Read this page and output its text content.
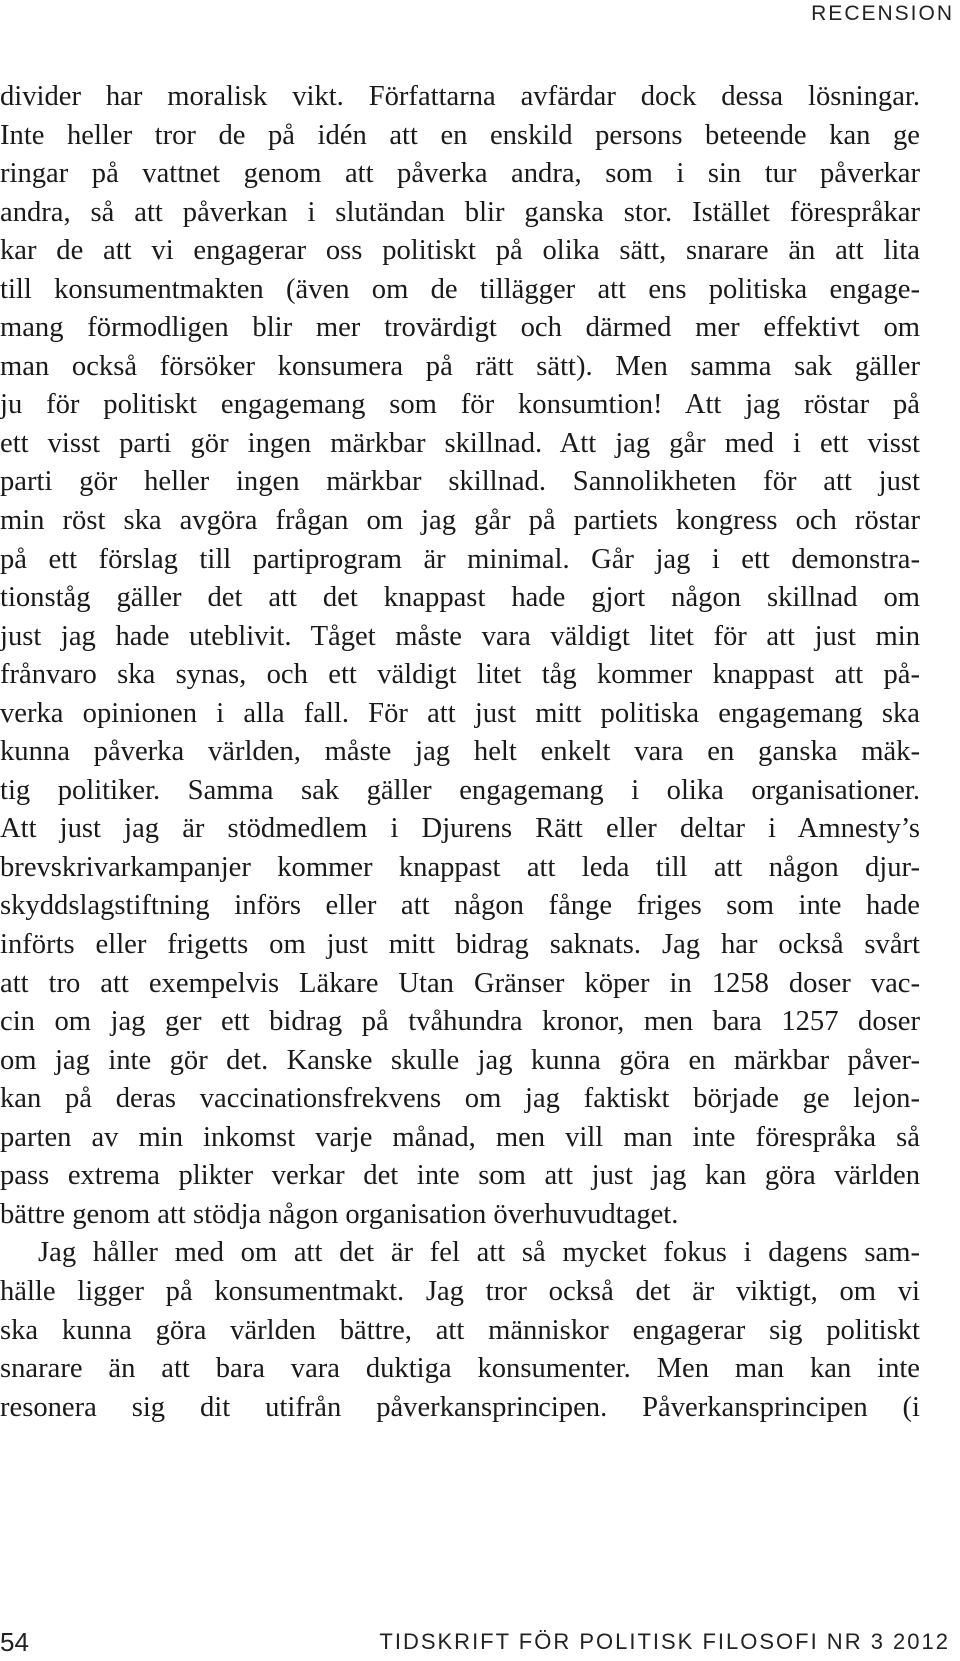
RECENSION
divider har moralisk vikt. Författarna avfärdar dock dessa lösningar.
Inte heller tror de på idén att en enskild persons beteende kan ge
ringar på vattnet genom att påverka andra, som i sin tur påverkar
andra, så att påverkan i slutändan blir ganska stor. Istället förespråkar
kar de att vi engagerar oss politiskt på olika sätt, snarare än att lita
till konsumentmakten (även om de tillägger att ens politiska engage-
mang förmodligen blir mer trovärdigt och därmed mer effektivt om
man också försöker konsumera på rätt sätt). Men samma sak gäller
ju för politiskt engagemang som för konsumtion! Att jag röstar på
ett visst parti gör ingen märkbar skillnad. Att jag går med i ett visst
parti gör heller ingen märkbar skillnad. Sannolikheten för att just
min röst ska avgöra frågan om jag går på partiets kongress och röstar
på ett förslag till partiprogram är minimal. Går jag i ett demonstra-
tionståg gäller det att det knappast hade gjort någon skillnad om
just jag hade uteblivit. Tåget måste vara väldigt litet för att just min
frånvaro ska synas, och ett väldigt litet tåg kommer knappast att på-
verka opinionen i alla fall. För att just mitt politiska engagemang ska
kunna påverka världen, måste jag helt enkelt vara en ganska mäk-
tig politiker. Samma sak gäller engagemang i olika organisationer.
Att just jag är stödmedlem i Djurens Rätt eller deltar i Amnesty’s
brevskrivarkampanjer kommer knappast att leda till att någon djur-
skyddslagstiftning införs eller att någon fånge friges som inte hade
införts eller frigetts om just mitt bidrag saknats. Jag har också svårt
att tro att exempelvis Läkare Utan Gränser köper in 1258 doser vac-
cin om jag ger ett bidrag på tvåhundra kronor, men bara 1257 doser
om jag inte gör det. Kanske skulle jag kunna göra en märkbar påver-
kan på deras vaccinationsfrekvens om jag faktiskt började ge lejon-
parten av min inkomst varje månad, men vill man inte förespråka så
pass extrema plikter verkar det inte som att just jag kan göra världen
bättre genom att stödja någon organisation överhuvudtaget.
Jag håller med om att det är fel att så mycket fokus i dagens sam-
hälle ligger på konsumentmakt. Jag tror också det är viktigt, om vi
ska kunna göra världen bättre, att människor engagerar sig politiskt
snarare än att bara vara duktiga konsumenter. Men man kan inte
resonera sig dit utifrån påverkansprincipen. Påverkansprincipen (i
54	TIDSKRIFT FÖR POLITISK FILOSOFI NR 3 2012
